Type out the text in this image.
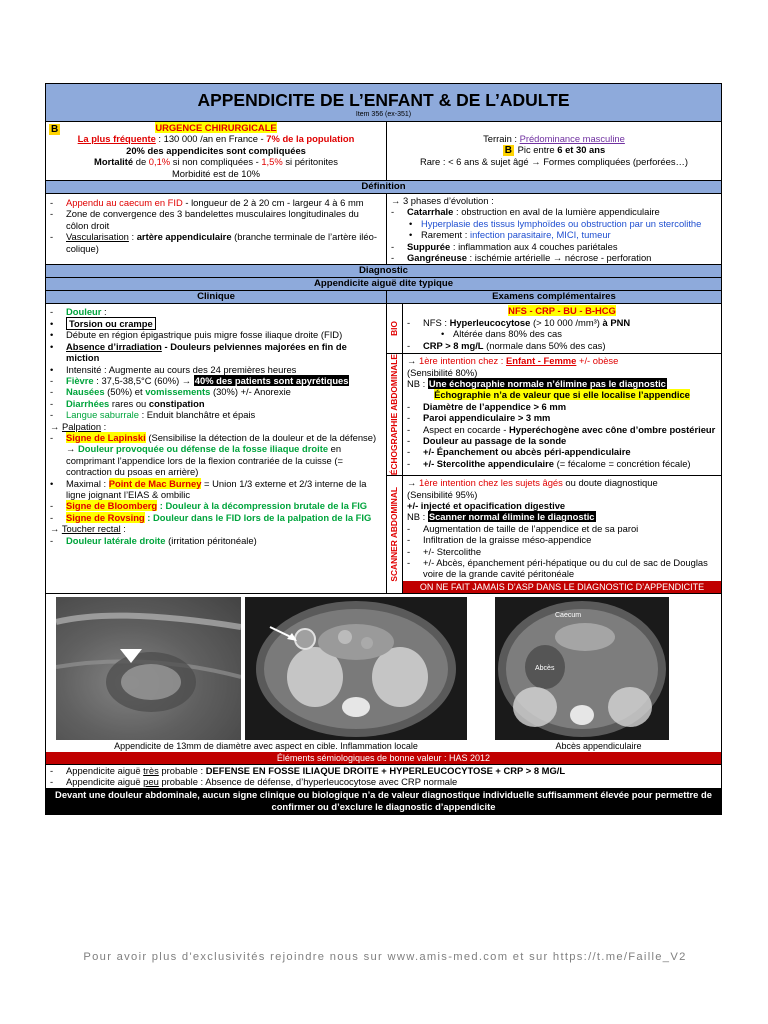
APPENDICITE DE L’ENFANT & DE L’ADULTE
Item 356 (ex-351)
B	URGENCE CHIRURGICALE
La plus fréquente : 130 000 /an en France - 7% de la population
20% des appendicites sont compliquées
Mortalité de 0,1% si non compliquées - 1,5% si péritonites
Morbidité est de 10%
Terrain : Prédominance masculine
B Pic entre 6 et 30 ans
Rare : < 6 ans & sujet âgé → Formes compliquées (perforées…)
Définition
- Appendu au caecum en FID - longueur de 2 à 20 cm - largeur 4 à 6 mm
- Zone de convergence des 3 bandelettes musculaires longitudinales du côlon droit
- Vascularisation : artère appendiculaire (branche terminale de l’artère iléo-colique)
→ 3 phases d’évolution :
- Catarrhale : obstruction en aval de la lumière appendiculaire
• Hyperplasie des tissus lymphoïdes ou obstruction par un stercolithe
• Rarement : infection parasitaire, MICI, tumeur
- Suppurée : inflammation aux 4 couches pariétales
- Gangréneuse : ischémie artérielle → nécrose - perforation
Diagnostic
Appendicite aiguë dite typique
Clinique	Examens complémentaires
- Douleur :
• Torsion ou crampe
• Débute en région épigastrique puis migre fosse iliaque droite (FID)
• Absence d’irradiation - Douleurs pelviennes majorées en fin de miction
• Intensité : Augmente au cours des 24 premières heures
- Fièvre : 37,5-38,5°C (60%) → 40% des patients sont apyrétiques
- Nausées (50%) et vomissements (30%) +/- Anorexie
- Diarrhées rares ou constipation
- Langue saburrale : Enduit blanchâtre et épais
→ Palpation :
- Signe de Lapinski (Sensibilise la détection de la douleur et de la défense)
→ Douleur provoquée ou défense de la fosse iliaque droite en comprimant l’appendice lors de la flexion contrariée de la cuisse (= contraction du psoas en arrière)
• Maximal : Point de Mac Burney = Union 1/3 externe et 2/3 interne de la ligne joignant l’EIAS & ombilic
- Signe de Bloomberg : Douleur à la décompression brutale de la FIG
- Signe de Rovsing : Douleur dans le FID lors de la palpation de la FIG
→ Toucher rectal :
- Douleur latérale droite (irritation péritonéale)
BIO
NFS - CRP - BU - B-HCG
- NFS : Hyperleucocytose (> 10 000 /mm³) à PNN
• Altérée dans 80% des cas
- CRP > 8 mg/L (normale dans 50% des cas)
ÉCHOGRAPHIE ABDOMINALE → 1ère intention chez : Enfant - Femme +/- obèse
(Sensibilité 80%)
NB : Une échographie normale n’élimine pas le diagnostic
Échographie n’a de valeur que si elle localise l’appendice
- Diamètre de l’appendice > 6 mm
- Paroi appendiculaire > 3 mm
- Aspect en cocarde - Hyperéchogène avec cône d’ombre postérieur
- Douleur au passage de la sonde
- +/- Épanchement ou abcès péri-appendiculaire
- +/- Stercolithe appendiculaire (= fécalome = concrétion fécale)
SCANNER ABDOMINAL
→ 1ère intention chez les sujets âgés ou doute diagnostique
(Sensibilité 95%)
+/- injecté et opacification digestive
NB : Scanner normal élimine le diagnostic
- Augmentation de taille de l’appendice et de sa paroi
- Infiltration de la graisse méso-appendice
- +/- Stercolithe
- +/- Abcès, épanchement péri-hépatique ou du cul de sac de Douglas voire de la grande cavité péritonéale
ON NE FAIT JAMAIS D’ASP DANS LE DIAGNOSTIC D’APPENDICITE
Caecum
Abcès
Appendicite de 13mm de diamètre avec aspect en cible. Inflammation locale	Abcès appendiculaire
Éléments sémiologiques de bonne valeur : HAS 2012
- Appendicite aiguë très probable : DEFENSE EN FOSSE ILIAQUE DROITE + HYPERLEUCOCYTOSE + CRP > 8 MG/L
- Appendicite aiguë peu probable : Absence de défense, d’hyperleucocytose avec CRP normale
Devant une douleur abdominale, aucun signe clinique ou biologique n’a de valeur diagnostique individuelle suffisamment élevée pour permettre de confirmer ou d’exclure le diagnostic d’appendicite
Pour avoir plus d'exclusivités rejoindre nous sur www.amis-med.com et sur https://t.me/Faille_V2
